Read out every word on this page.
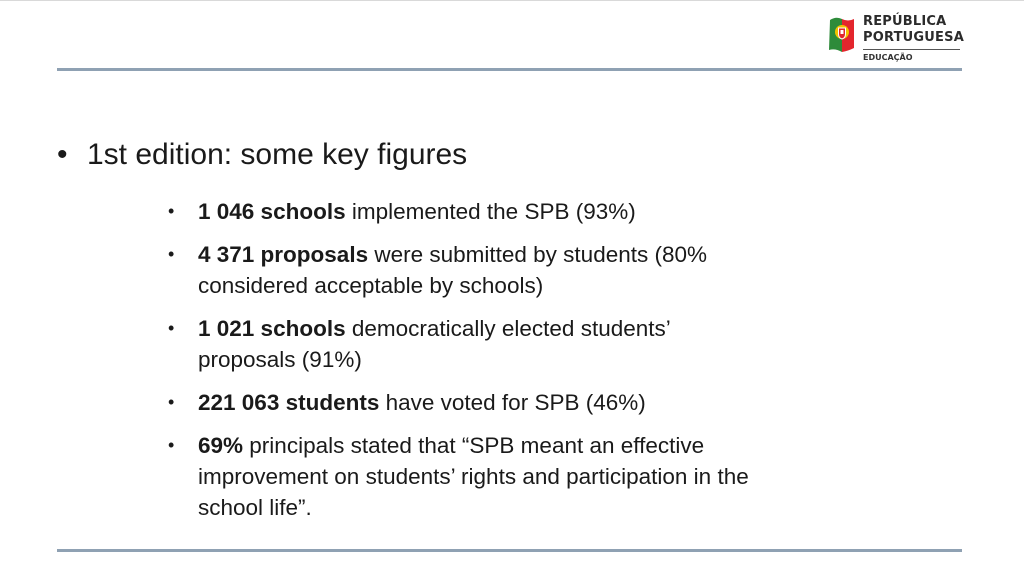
REPÚBLICA
PORTUGUESA
EDUCAÇÃO
• 1st edition: some key figures
• 1 046 schools implemented the SPB (93%)
• 4 371 proposals were submitted by students (80% considered acceptable by schools)
• 1 021 schools democratically elected students’ proposals (91%)
• 221 063 students have voted for SPB (46%)
• 69% principals stated that “SPB meant an effective improvement on students’ rights and participation in the school life”.
